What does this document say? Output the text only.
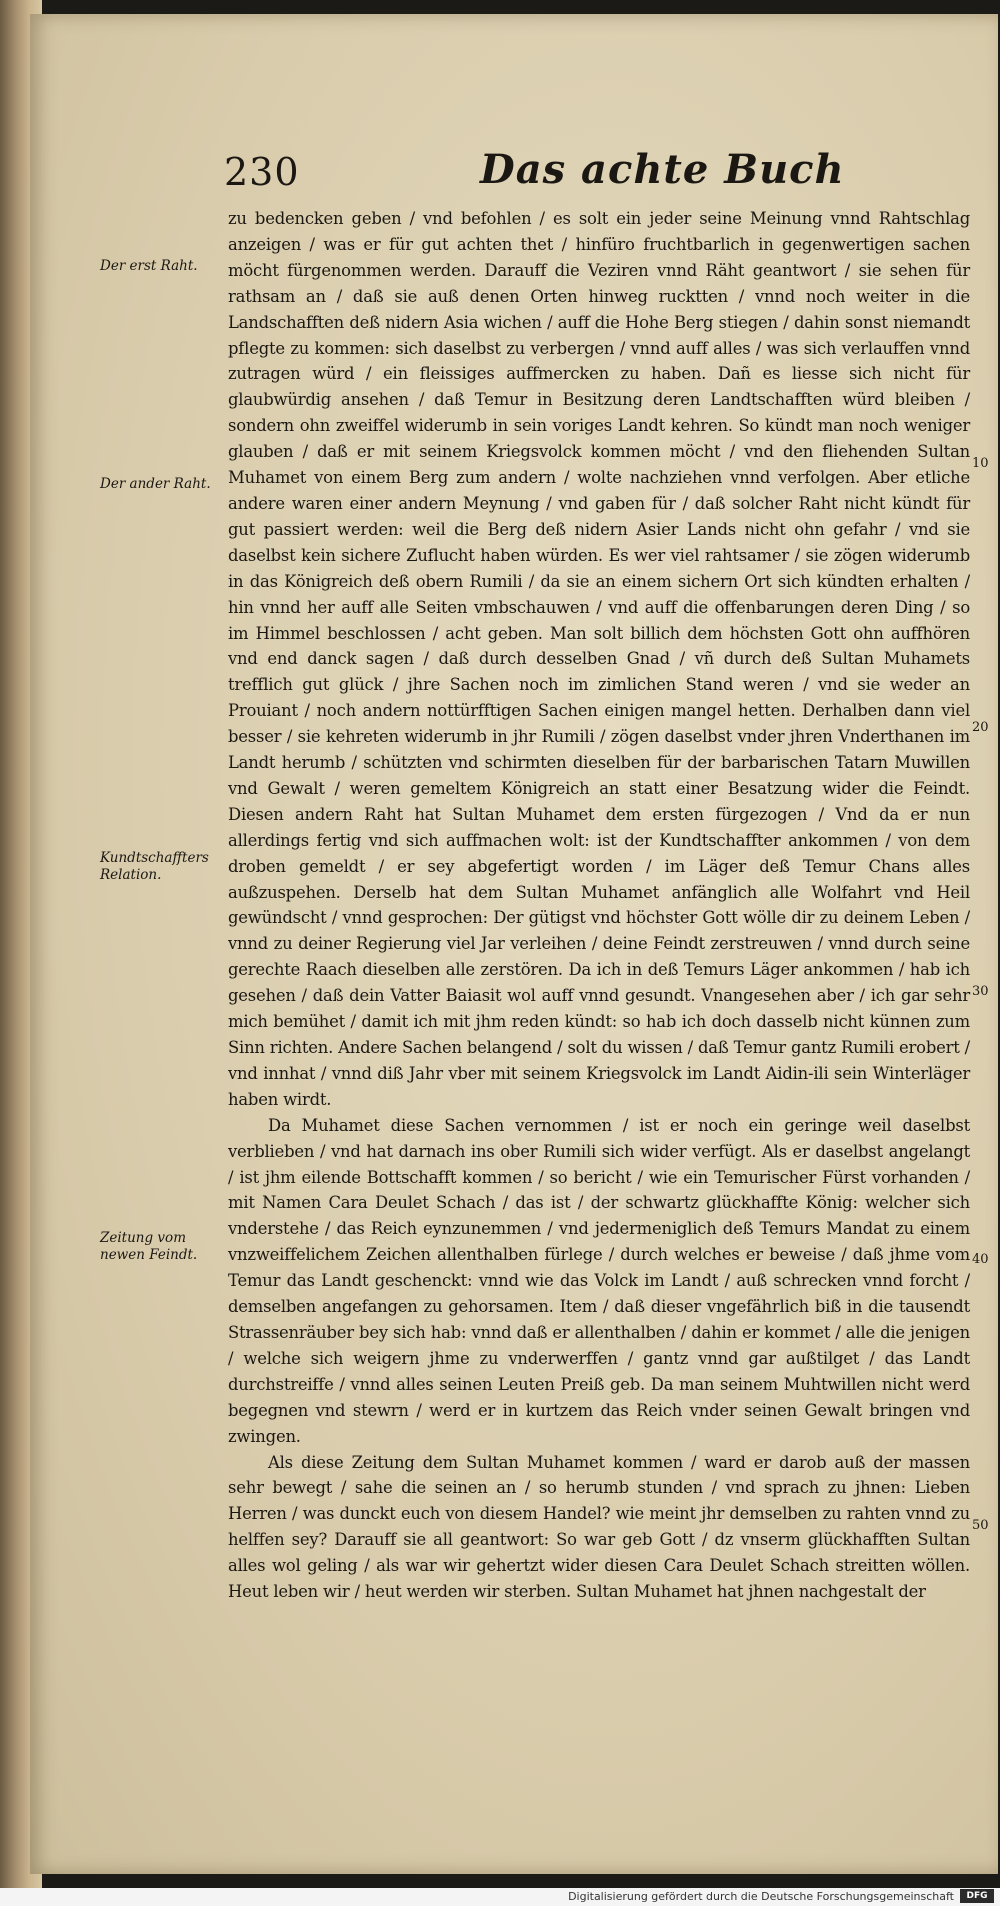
230	Das achte Buch
Der erst Raht.
Der ander Raht.
Kundtschaffters Relation.
Zeitung vom newen Feindt.
10
20
30
40
50

zu bedencken geben / vnd befohlen / es solt ein jeder seine Meinung vnnd Rahtschlag anzeigen / was er für gut achten thet / hinfüro fruchtbarlich in gegenwertigen sachen möcht fürgenommen werden. Darauff die Veziren vnnd Räht geantwort / sie sehen für rathsam an / daß sie auß denen Orten hinweg rucktten / vnnd noch weiter in die Landschafften deß nidern Asia wichen / auff die Hohe Berg stiegen / dahin sonst niemandt pflegte zu kommen: sich daselbst zu verbergen / vnnd auff alles / was sich verlauffen vnnd zutragen würd / ein fleissiges auffmercken zu haben. Dañ es liesse sich nicht für glaubwürdig ansehen / daß Temur in Besitzung deren Landtschafften würd bleiben / sondern ohn zweiffel widerumb in sein voriges Landt kehren. So kündt man noch weniger glauben / daß er mit seinem Kriegsvolck kommen möcht / vnd den fliehenden Sultan Muhamet von einem Berg zum andern / wolte nachziehen vnnd verfolgen. Aber etliche andere waren einer andern Meynung / vnd gaben für / daß solcher Raht nicht kündt für gut passiert werden: weil die Berg deß nidern Asier Lands nicht ohn gefahr / vnd sie daselbst kein sichere Zuflucht haben würden. Es wer viel rahtsamer / sie zögen widerumb in das Königreich deß obern Rumili / da sie an einem sichern Ort sich kündten erhalten / hin vnnd her auff alle Seiten vmbschauwen / vnd auff die offenbarungen deren Ding / so im Himmel beschlossen / acht geben. Man solt billich dem höchsten Gott ohn auffhören vnd end danck sagen / daß durch desselben Gnad / vñ durch deß Sultan Muhamets trefflich gut glück / jhre Sachen noch im zimlichen Stand weren / vnd sie weder an Prouiant / noch andern nottürfftigen Sachen einigen mangel hetten. Derhalben dann viel besser / sie kehreten widerumb in jhr Rumili / zögen daselbst vnder jhren Vnderthanen im Landt herumb / schützten vnd schirmten dieselben für der barbarischen Tatarn Muwillen vnd Gewalt / weren gemeltem Königreich an statt einer Besatzung wider die Feindt. Diesen andern Raht hat Sultan Muhamet dem ersten fürgezogen / Vnd da er nun allerdings fertig vnd sich auffmachen wolt: ist der Kundtschaffter ankommen / von dem droben gemeldt / er sey abgefertigt worden / im Läger deß Temur Chans alles außzuspehen. Derselb hat dem Sultan Muhamet anfänglich alle Wolfahrt vnd Heil gewündscht / vnnd gesprochen: Der gütigst vnd höchster Gott wölle dir zu deinem Leben / vnnd zu deiner Regierung viel Jar verleihen / deine Feindt zerstreuwen / vnnd durch seine gerechte Raach dieselben alle zerstören. Da ich in deß Temurs Läger ankommen / hab ich gesehen / daß dein Vatter Baiasit wol auff vnnd gesundt. Vnangesehen aber / ich gar sehr mich bemühet / damit ich mit jhm reden kündt: so hab ich doch dasselb nicht künnen zum Sinn richten. Andere Sachen belangend / solt du wissen / daß Temur gantz Rumili erobert / vnd innhat / vnnd diß Jahr vber mit seinem Kriegsvolck im Landt Aidin-ili sein Winterläger haben wirdt.

Da Muhamet diese Sachen vernommen / ist er noch ein geringe weil daselbst verblieben / vnd hat darnach ins ober Rumili sich wider verfügt. Als er daselbst angelangt / ist jhm eilende Bottschafft kommen / so bericht / wie ein Temurischer Fürst vorhanden / mit Namen Cara Deulet Schach / das ist / der schwartz glückhaffte König: welcher sich vnderstehe / das Reich eynzunemmen / vnd jedermeniglich deß Temurs Mandat zu einem vnzweiffelichem Zeichen allenthalben fürlege / durch welches er beweise / daß jhme vom Temur das Landt geschenckt: vnnd wie das Volck im Landt / auß schrecken vnnd forcht / demselben angefangen zu gehorsamen. Item / daß dieser vngefährlich biß in die tausendt Strassenräuber bey sich hab: vnnd daß er allenthalben / dahin er kommet / alle die jenigen / welche sich weigern jhme zu vnderwerffen / gantz vnnd gar außtilget / das Landt durchstreiffe / vnnd alles seinen Leuten Preiß geb. Da man seinem Muhtwillen nicht werd begegnen vnd stewrn / werd er in kurtzem das Reich vnder seinen Gewalt bringen vnd zwingen.

Als diese Zeitung dem Sultan Muhamet kommen / ward er darob auß der massen sehr bewegt / sahe die seinen an / so herumb stunden / vnd sprach zu jhnen: Lieben Herren / was dunckt euch von diesem Handel? wie meint jhr demselben zu rahten vnnd zu helffen sey? Darauff sie all geantwort: So war geb Gott / dz vnserm glückhafften Sultan alles wol geling / als war wir gehertzt wider diesen Cara Deulet Schach streitten wöllen. Heut leben wir / heut werden wir sterben. Sultan Muhamet hat jhnen nachgestalt der

Digitalisierung gefördert durch die Deutsche Forschungsgemeinschaft	DFG
